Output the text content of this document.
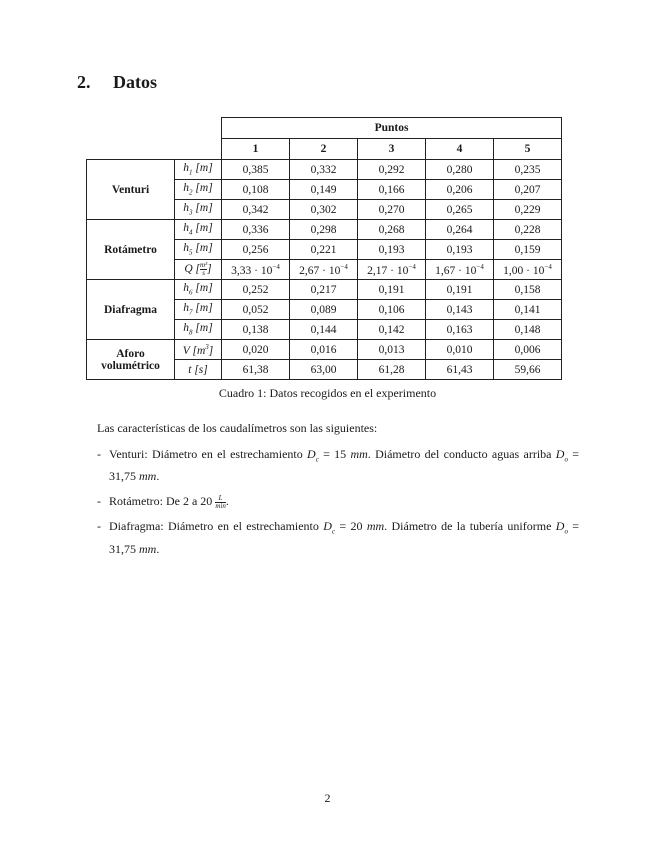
2. Datos
		Puntos				
		1	2	3	4	5
Venturi	$h_1$ [m]	0,385	0,332	0,292	0,280	0,235
	$h_2$ [m]	0,108	0,149	0,166	0,206	0,207
	$h_3$ [m]	0,342	0,302	0,270	0,265	0,229
Rotámetro	$h_4$ [m]	0,336	0,298	0,268	0,264	0,228
	$h_5$ [m]	0,256	0,221	0,193	0,193	0,159
	Q [ $\frac{\text{m³}}{s}$ ]	$3,33 \cdot 10^{-4}$	$2,67 \cdot 10^{-4}$	$2,17 \cdot 10^{-4}$	$1,67 \cdot 10^{-4}$	$1,00 \cdot 10^{-4}$
Diafragma	$h_6$ [m]	0,252	0,217	0,191	0,191	0,158
	$h_7$ [m]	0,052	0,089	0,106	0,143	0,141
	$h_8$ [m]	0,138	0,144	0,142	0,163	0,148
Aforo
volumétrico	V $[m^3]$	0,020	0,016	0,013	0,010	0,006
	t [s]	61,38	63,00	61,28	61,43	59,66

Cuadro 1: Datos recogidos en el experimento

Las características de los caudalímetros son las siguientes:

- Venturi: Diámetro en el estrechamiento $D_c = 15$ mm. Diámetro del conducto aguas arriba $D_o = 31,75$ mm.
- Rotámetro: De 2 a $20 \frac{L}{\min}$ .
- Diafragma: Diámetro en el estrechamiento $D_c = 20$ mm. Diámetro de la tubería uniforme $D_o = 31,75$ mm.

2
